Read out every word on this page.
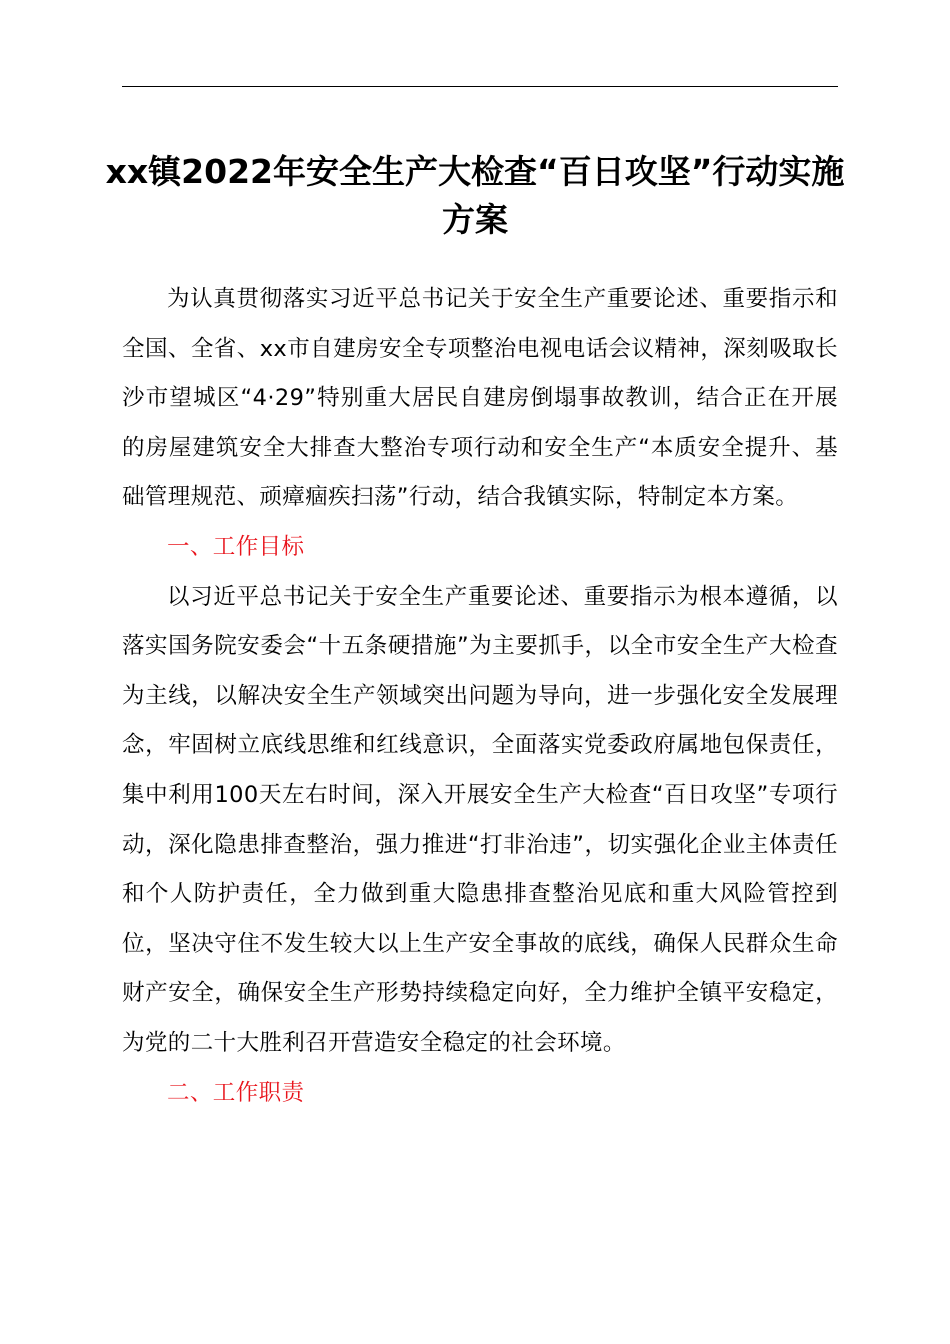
xx镇2022年安全生产大检查“百日攻坚”行动实施方案

为认真贯彻落实习近平总书记关于安全生产重要论述、重要指示和全国、全省、xx市自建房安全专项整治电视电话会议精神，深刻吸取长沙市望城区“4·29”特别重大居民自建房倒塌事故教训，结合正在开展的房屋建筑安全大排查大整治专项行动和安全生产“本质安全提升、基础管理规范、顽瘴痼疾扫荡”行动，结合我镇实际，特制定本方案。

一、工作目标

以习近平总书记关于安全生产重要论述、重要指示为根本遵循，以落实国务院安委会“十五条硬措施”为主要抓手，以全市安全生产大检查为主线，以解决安全生产领域突出问题为导向，进一步强化安全发展理念，牢固树立底线思维和红线意识，全面落实党委政府属地包保责任，集中利用100天左右时间，深入开展安全生产大检查“百日攻坚”专项行动，深化隐患排查整治，强力推进“打非治违”，切实强化企业主体责任和个人防护责任，全力做到重大隐患排查整治见底和重大风险管控到位，坚决守住不发生较大以上生产安全事故的底线，确保人民群众生命财产安全，确保安全生产形势持续稳定向好，全力维护全镇平安稳定，为党的二十大胜利召开营造安全稳定的社会环境。

二、工作职责
